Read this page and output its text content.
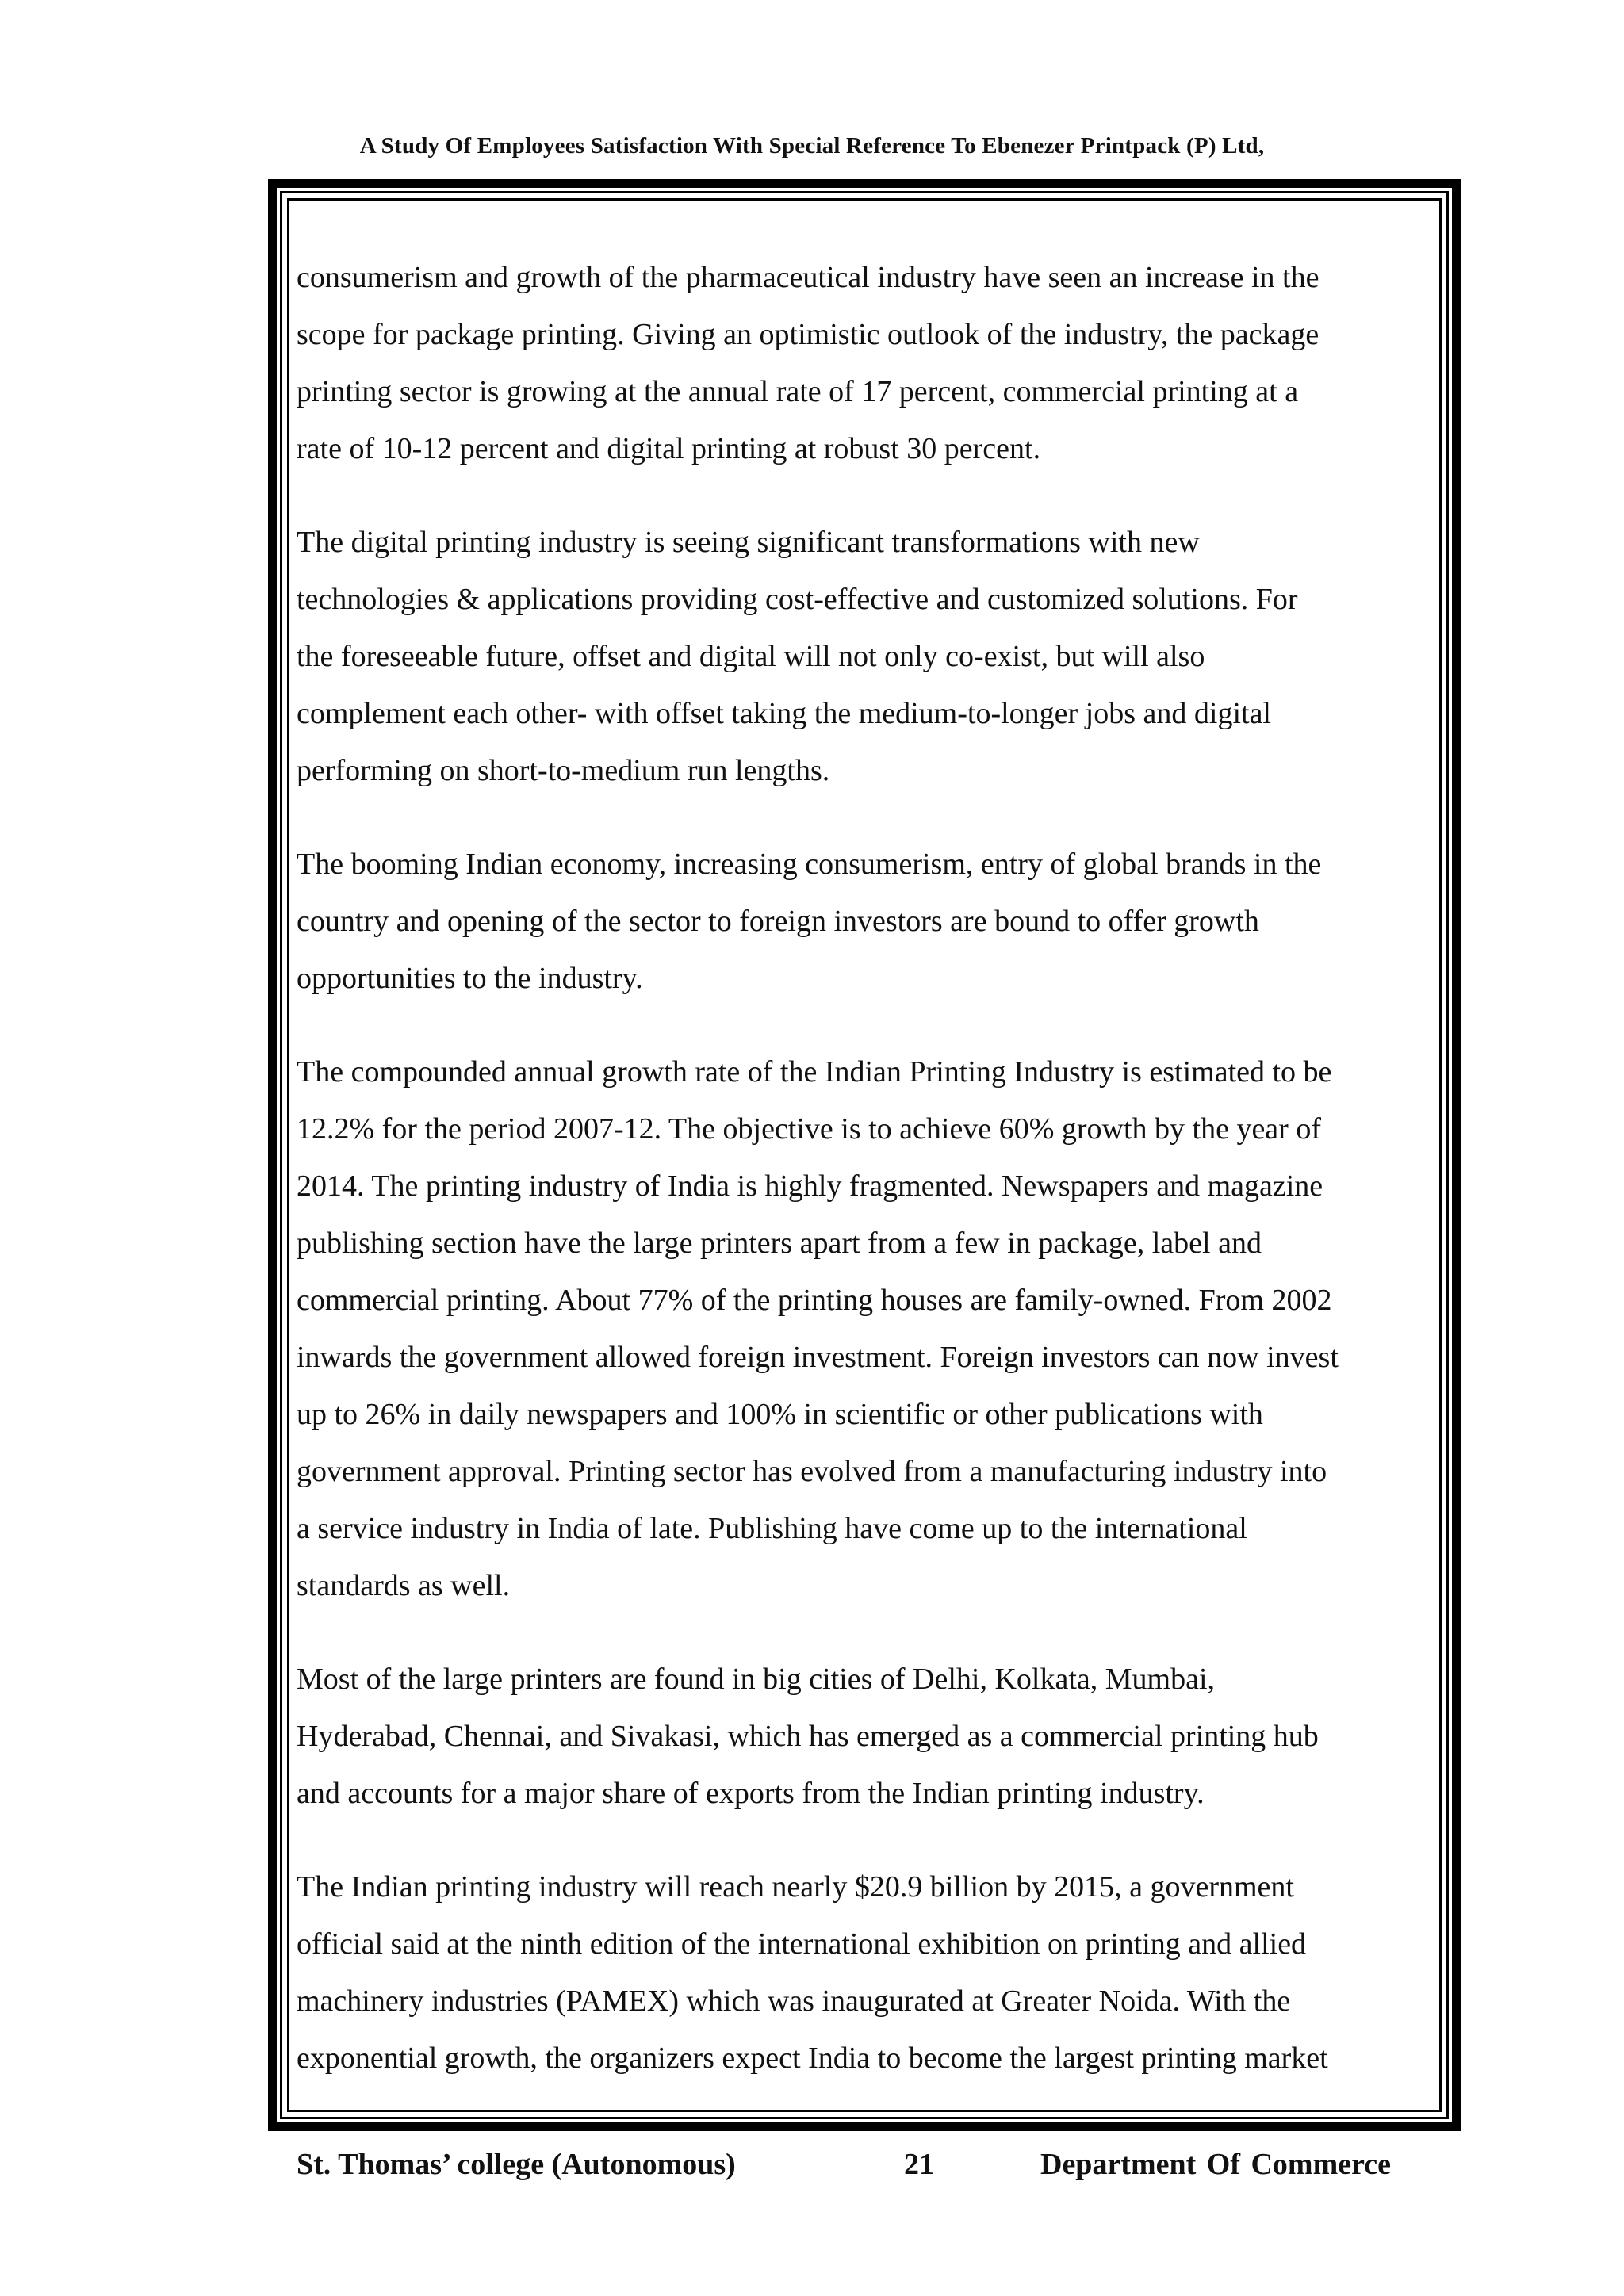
A Study Of Employees Satisfaction With Special Reference To Ebenezer Printpack (P) Ltd,

consumerism and growth of the pharmaceutical industry have seen an increase in the
scope for package printing. Giving an optimistic outlook of the industry, the package
printing sector is growing at the annual rate of 17 percent, commercial printing at a
rate of 10-12 percent and digital printing at robust 30 percent.

The digital printing industry is seeing significant transformations with new
technologies & applications providing cost-effective and customized solutions. For
the foreseeable future, offset and digital will not only co-exist, but will also
complement each other- with offset taking the medium-to-longer jobs and digital
performing on short-to-medium run lengths.

The booming Indian economy, increasing consumerism, entry of global brands in the
country and opening of the sector to foreign investors are bound to offer growth
opportunities to the industry.

The compounded annual growth rate of the Indian Printing Industry is estimated to be
12.2% for the period 2007-12. The objective is to achieve 60% growth by the year of
2014. The printing industry of India is highly fragmented. Newspapers and magazine
publishing section have the large printers apart from a few in package, label and
commercial printing. About 77% of the printing houses are family-owned. From 2002
inwards the government allowed foreign investment. Foreign investors can now invest
up to 26% in daily newspapers and 100% in scientific or other publications with
government approval. Printing sector has evolved from a manufacturing industry into
a service industry in India of late. Publishing have come up to the international
standards as well.

Most of the large printers are found in big cities of Delhi, Kolkata, Mumbai,
Hyderabad, Chennai, and Sivakasi, which has emerged as a commercial printing hub
and accounts for a major share of exports from the Indian printing industry.

The Indian printing industry will reach nearly $20.9 billion by 2015, a government
official said at the ninth edition of the international exhibition on printing and allied
machinery industries (PAMEX) which was inaugurated at Greater Noida. With the
exponential growth, the organizers expect India to become the largest printing market

St. Thomas’ college (Autonomous)	21	Department Of Commerce
